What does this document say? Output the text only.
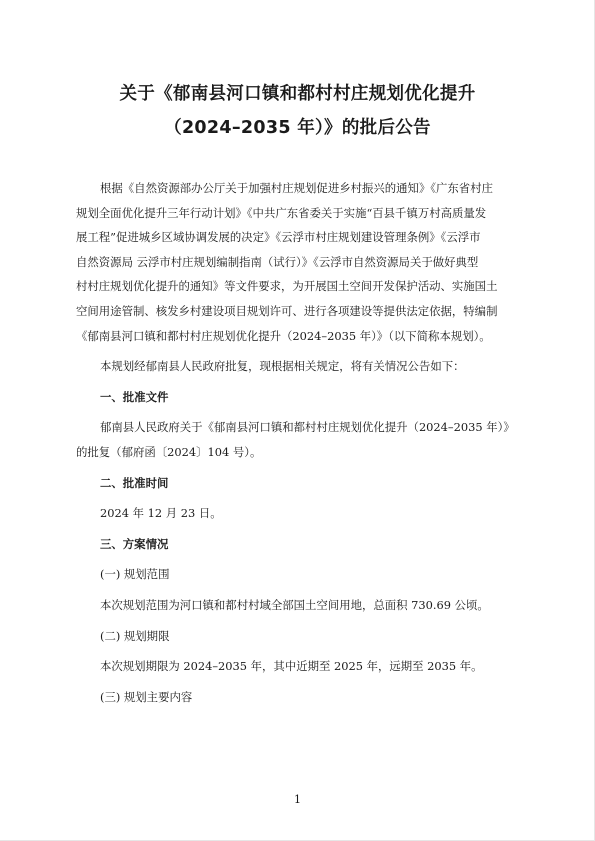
关于《郁南县河口镇和都村村庄规划优化提升
（2024–2035 年）》的批后公告
根据《自然资源部办公厅关于加强村庄规划促进乡村振兴的通知》《广东省村庄
规划全面优化提升三年行动计划》《中共广东省委关于实施“百县千镇万村高质量发
展工程”促进城乡区域协调发展的决定》《云浮市村庄规划建设管理条例》《云浮市
自然资源局 云浮市村庄规划编制指南（试行）》《云浮市自然资源局关于做好典型
村村庄规划优化提升的通知》等文件要求，为开展国土空间开发保护活动、实施国土
空间用途管制、核发乡村建设项目规划许可、进行各项建设等提供法定依据，特编制
《郁南县河口镇和都村村庄规划优化提升（2024–2035 年）》（以下简称本规划）。
本规划经郁南县人民政府批复，现根据相关规定，将有关情况公告如下：
一、批准文件
郁南县人民政府关于《郁南县河口镇和都村村庄规划优化提升（2024–2035 年）》
的批复（郁府函〔2024〕104 号）。
二、批准时间
2024 年 12 月 23 日。
三、方案情况
(一) 规划范围
本次规划范围为河口镇和都村村域全部国土空间用地，总面积 730.69 公顷。
(二) 规划期限
本次规划期限为 2024–2035 年，其中近期至 2025 年，远期至 2035 年。
(三) 规划主要内容
1
